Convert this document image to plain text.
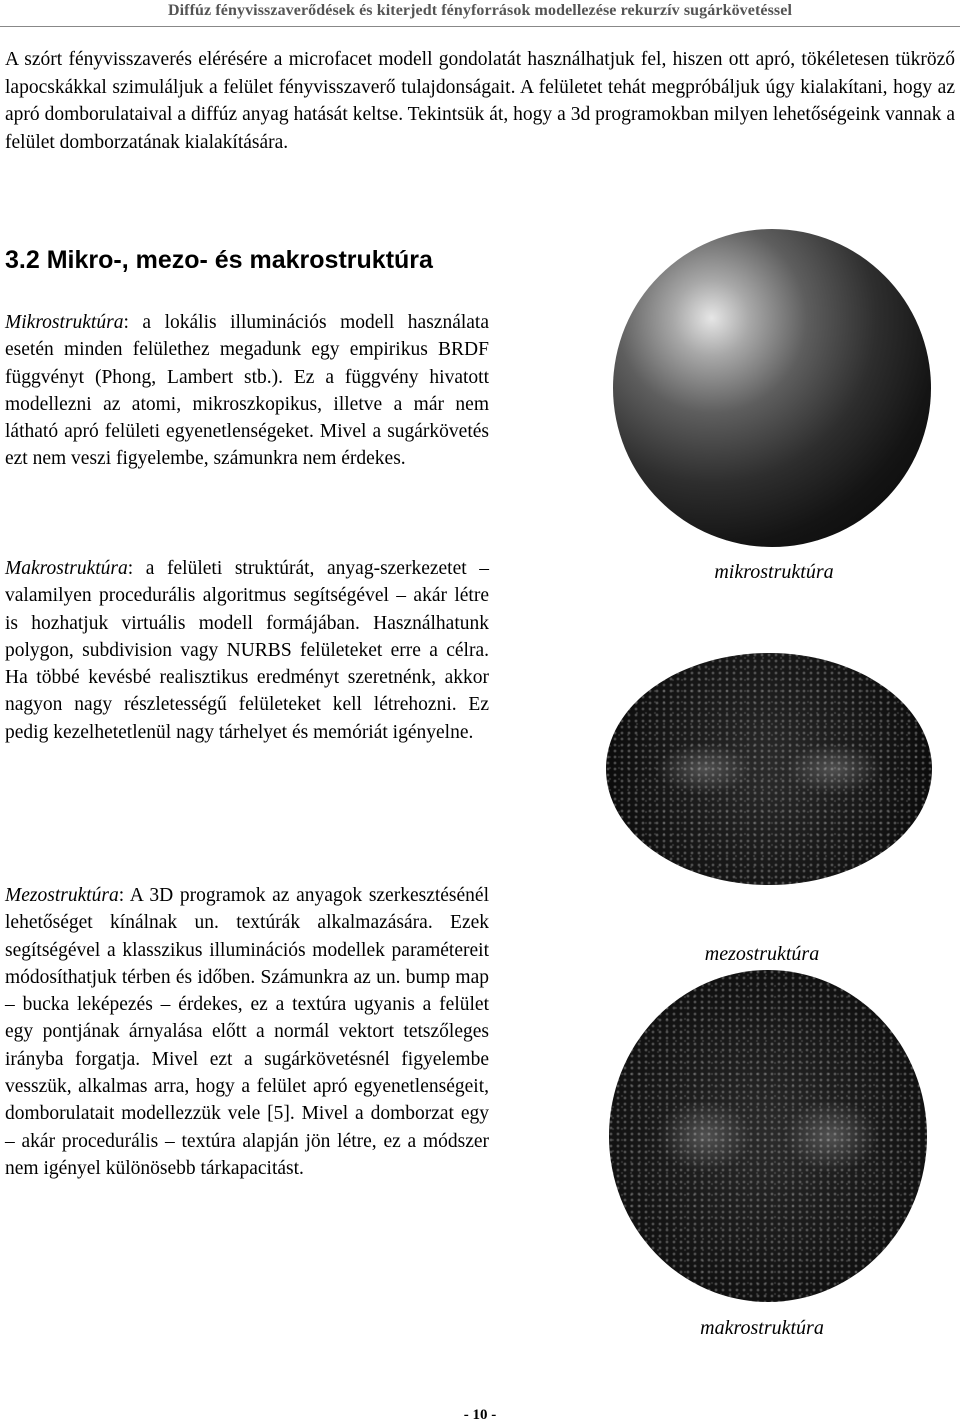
Diffúz fényvisszaverődések és kiterjedt fényforrások modellezése rekurzív sugárkövetéssel

A szórt fényvisszaverés elérésére a microfacet modell gondolatát használhatjuk fel, hiszen ott apró, tökéletesen tükröző lapocskákkal szimuláljuk a felület fényvisszaverő tulajdonságait. A felületet tehát megpróbáljuk úgy kialakítani, hogy az apró domborulataival a diffúz anyag hatását keltse. Tekintsük át, hogy a 3d programokban milyen lehetőségeink vannak a felület domborzatának kialakítására.

3.2 Mikro-, mezo- és makrostruktúra

Mikrostruktúra: a lokális illuminációs modell használata esetén minden felülethez megadunk egy empirikus BRDF függvényt (Phong, Lambert stb.). Ez a függvény hivatott modellezni az atomi, mikroszkopikus, illetve a már nem látható apró felületi egyenetlenségeket. Mivel a sugárkövetés ezt nem veszi figyelembe, számunkra nem érdekes.

Makrostruktúra: a felületi struktúrát, anyag-szerkezetet – valamilyen procedurális algoritmus segítségével – akár létre is hozhatjuk virtuális modell formájában. Használhatunk polygon, subdivision vagy NURBS felületeket erre a célra. Ha többé kevésbé realisztikus eredményt szeretnénk, akkor nagyon nagy részletességű felületeket kell létrehozni. Ez pedig kezelhetetlenül nagy tárhelyet és memóriát igényelne.

Mezostruktúra: A 3D programok az anyagok szerkesztésénél lehetőséget kínálnak un. textúrák alkalmazására. Ezek segítségével a klasszikus illuminációs modellek paramétereit módosíthatjuk térben és időben. Számunkra az un. bump map – bucka leképezés – érdekes, ez a textúra ugyanis a felület egy pontjának árnyalása előtt a normál vektort tetszőleges irányba forgatja. Mivel ezt a sugárkövetésnél figyelembe vesszük, alkalmas arra, hogy a felület apró egyenetlenségeit, domborulatait modellezzük vele [5]. Mivel a domborzat egy – akár procedurális – textúra alapján jön létre, ez a módszer nem igényel különösebb tárkapacitást.

mikrostruktúra
mezostruktúra
makrostruktúra
- 10 -
